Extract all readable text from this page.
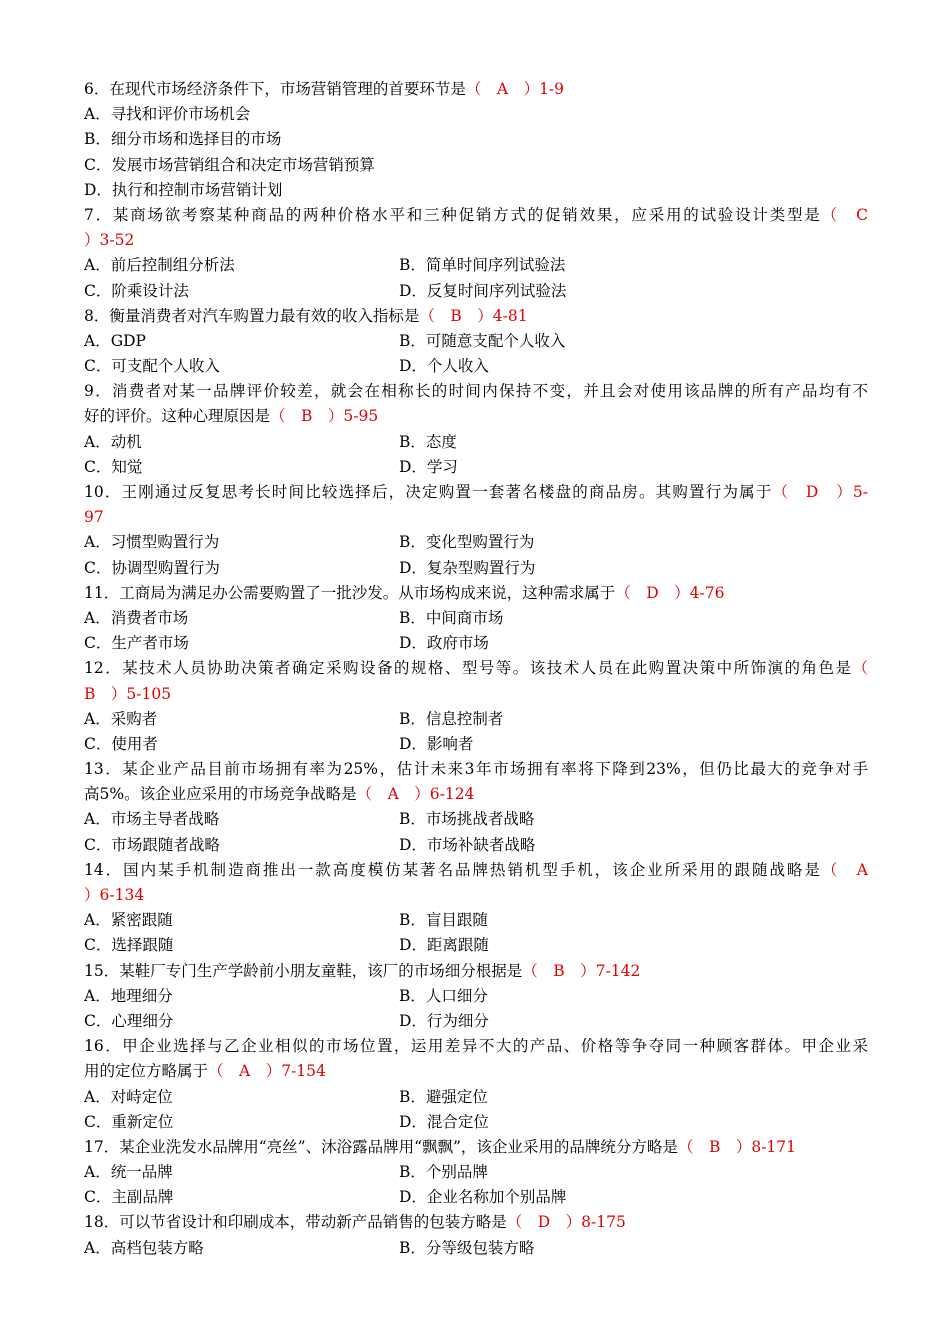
6．在现代市场经济条件下，市场营销管理的首要环节是（　A　）1-9
A．寻找和评价市场机会
B．细分市场和选择目的市场
C．发展市场营销组合和决定市场营销预算
D．执行和控制市场营销计划
7．某商场欲考察某种商品的两种价格水平和三种促销方式的促销效果，应采用的试验设计类型是（　C
）3-52
A．前后控制组分析法	B．简单时间序列试验法
C．阶乘设计法	D．反复时间序列试验法
8．衡量消费者对汽车购置力最有效的收入指标是（　B　）4-81
A．GDP	B．可随意支配个人收入
C．可支配个人收入	D．个人收入
9．消费者对某一品牌评价较差，就会在相称长的时间内保持不变，并且会对使用该品牌的所有产品均有不
好的评价。这种心理原因是（　B　）5-95
A．动机	B．态度
C．知觉	D．学习
10．王刚通过反复思考长时间比较选择后，决定购置一套著名楼盘的商品房。其购置行为属于（　D　）5-
97
A．习惯型购置行为	B．变化型购置行为
C．协调型购置行为	D．复杂型购置行为
11．工商局为满足办公需要购置了一批沙发。从市场构成来说，这种需求属于（　D　）4-76
A．消费者市场	B．中间商市场
C．生产者市场	D．政府市场
12．某技术人员协助决策者确定采购设备的规格、型号等。该技术人员在此购置决策中所饰演的角色是（
B　）5-105
A．采购者	B．信息控制者
C．使用者	D．影响者
13．某企业产品目前市场拥有率为25%，估计未来3年市场拥有率将下降到23%，但仍比最大的竞争对手
高5%。该企业应采用的市场竞争战略是（　A　）6-124
A．市场主导者战略	B．市场挑战者战略
C．市场跟随者战略	D．市场补缺者战略
14．国内某手机制造商推出一款高度模仿某著名品牌热销机型手机，该企业所采用的跟随战略是（　A
）6-134
A．紧密跟随	B．盲目跟随
C．选择跟随	D．距离跟随
15．某鞋厂专门生产学龄前小朋友童鞋，该厂的市场细分根据是（　B　）7-142
A．地理细分	B．人口细分
C．心理细分	D．行为细分
16．甲企业选择与乙企业相似的市场位置，运用差异不大的产品、价格等争夺同一种顾客群体。甲企业采
用的定位方略属于（　A　）7-154
A．对峙定位	B．避强定位
C．重新定位	D．混合定位
17．某企业洗发水品牌用“亮丝”、沐浴露品牌用“飘飘”，该企业采用的品牌统分方略是（　B　）8-171
A．统一品牌	B．个别品牌
C．主副品牌	D．企业名称加个别品牌
18．可以节省设计和印刷成本，带动新产品销售的包装方略是（　D　）8-175
A．高档包装方略	B．分等级包装方略
